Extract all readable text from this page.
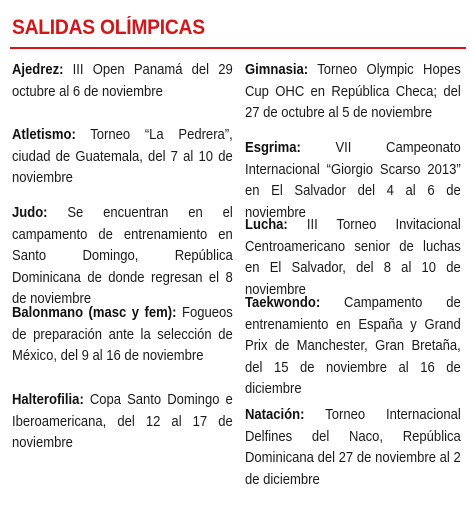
SALIDAS OLÍMPICAS
Ajedrez: III Open Panamá del 29 octubre al 6 de noviembre
Atletismo: Torneo “La Pedrera”, ciudad de Guatemala, del 7 al 10 de noviembre
Judo: Se encuentran en el campamento de entrenamiento en Santo Domingo, República Dominicana de donde regresan el 8 de noviembre
Balonmano (masc y fem): Fogueos de preparación ante la selección de México, del 9 al 16 de noviembre
Halterofilia: Copa Santo Domingo e Iberoamericana, del 12 al 17 de noviembre
Gimnasia: Torneo Olympic Hopes Cup OHC en República Checa; del 27 de octubre al 5 de noviembre
Esgrima: VII Campeonato Internacional “Giorgio Scarso 2013” en El Salvador del 4 al 6 de noviembre
Lucha: III Torneo Invitacional Centroamericano senior de luchas en El Salvador, del 8 al 10 de noviembre
Taekwondo: Campamento de entrenamiento en España y Grand Prix de Manchester, Gran Bretaña, del 15 de noviembre al 16 de diciembre
Natación: Torneo Internacional Delfines del Naco, República Dominicana del 27 de noviembre al 2 de diciembre
